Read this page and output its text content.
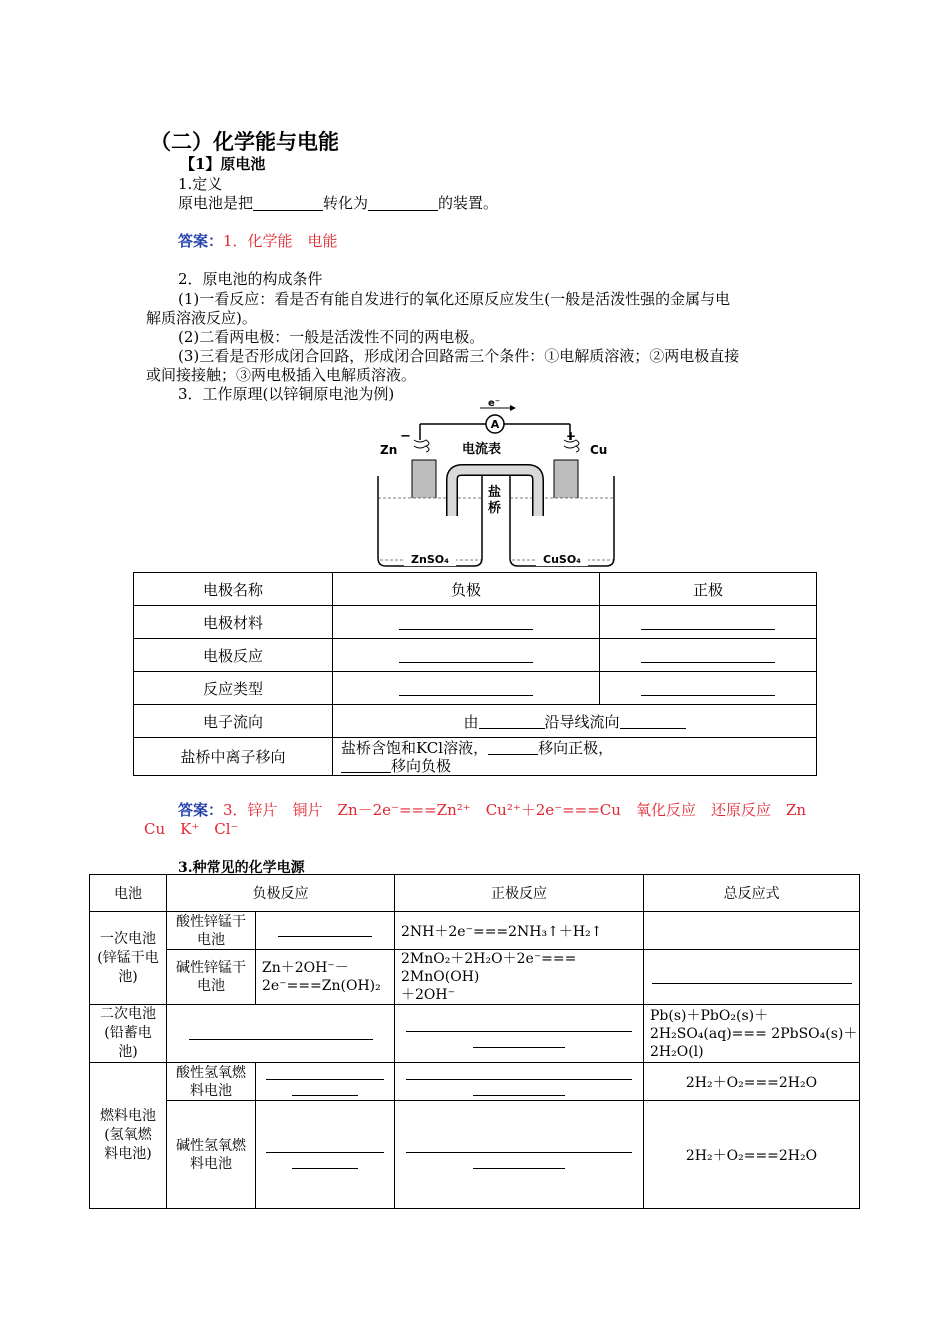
（二）化学能与电能
【1】原电池
1.定义
原电池是把	转化为	的装置。
答案：1．化学能　电能
2．原电池的构成条件
(1)一看反应：看是否有能自发进行的氧化还原反应发生(一般是活泼性强的金属与电
解质溶液反应)。
(2)二看两电极：一般是活泼性不同的两电极。
(3)三看是否形成闭合回路，形成闭合回路需三个条件：①电解质溶液；②两电极直接
或间接接触；③两电极插入电解质溶液。
3．工作原理(以锌铜原电池为例)
A
e⁻
Zn	Cu
−	+
电流表
盐
桥
ZnSO₄	CuSO₄
电极名称	负极	正极
电极材料		
电极反应		
反应类型		
电子流向	由 沿导线流向	
盐桥中离子移向	盐桥含饱和KCl溶液， 移向正极，
移向负极	
答案：3．锌片　铜片　Zn－2e⁻===Zn²⁺　Cu²⁺＋2e⁻===Cu　氧化反应　还原反应　Zn
Cu　K⁺　Cl⁻
3.种常见的化学电源
电池	负极反应		正极反应	总反应式

一次电池(锌锰干电池)	酸性锌锰干电池		2NH＋2e⁻===2NH₃↑＋H₂↑	

	碱性锌锰干电池	Zn＋2OH⁻－
2e⁻===Zn(OH)₂	2MnO₂＋2H₂O＋2e⁻=== 2MnO(OH)
＋2OH⁻	

二次电池(铅蓄电池)				Pb(s)＋PbO₂(s)＋
2H₂SO₄(aq)=== 2PbSO₄(s)＋
2H₂O(l)

燃料电池(氢氧燃料电池)	酸性氢氧燃料电池			2H₂＋O₂===2H₂O

	碱性氢氧燃料电池			2H₂＋O₂===2H₂O
